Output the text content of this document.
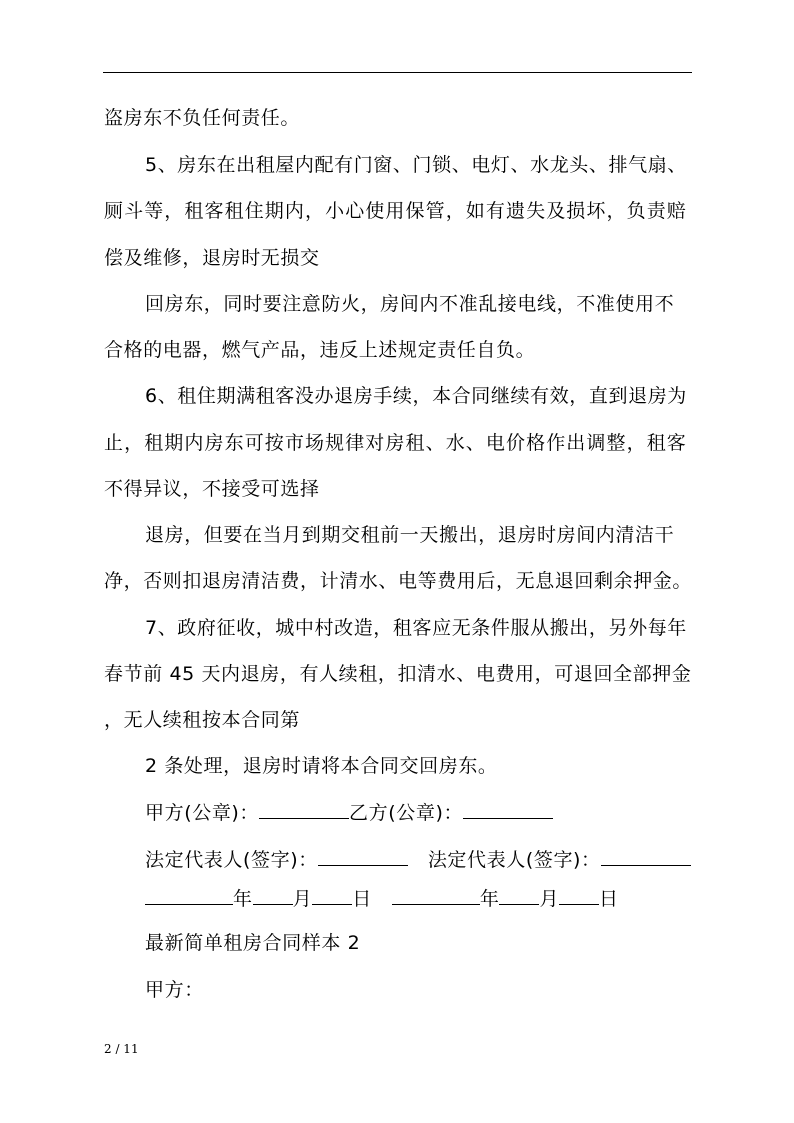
盗房东不负任何责任。
5、房东在出租屋内配有门窗、门锁、电灯、水龙头、排气扇、
厕斗等，租客租住期内，小心使用保管，如有遗失及损坏，负责赔
偿及维修，退房时无损交
回房东，同时要注意防火，房间内不准乱接电线，不准使用不
合格的电器，燃气产品，违反上述规定责任自负。
6、租住期满租客没办退房手续，本合同继续有效，直到退房为
止，租期内房东可按市场规律对房租、水、电价格作出调整，租客
不得异议，不接受可选择
退房，但要在当月到期交租前一天搬出，退房时房间内清洁干
净，否则扣退房清洁费，计清水、电等费用后，无息退回剩余押金。
7、政府征收，城中村改造，租客应无条件服从搬出，另外每年
春节前 45 天内退房，有人续租，扣清水、电费用，可退回全部押金
，无人续租按本合同第
2 条处理，退房时请将本合同交回房东。
甲方(公章)：	乙方(公章)：
法定代表人(签字)：	法定代表人(签字)：
年 月 日	年 月 日
最新简单租房合同样本 2
甲方：
2 / 11
